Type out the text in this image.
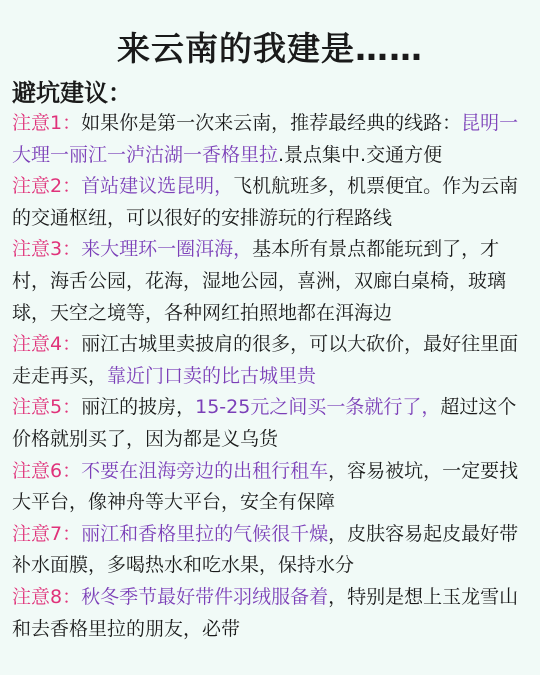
来云南的我建是……
避坑建议：

注意1：如果你是第一次来云南，推荐最经典的线路：昆明一大理一丽江一泸沽湖一香格里拉.景点集中.交通方便

注意2：首站建议选昆明，飞机航班多，机票便宜。作为云南的交通枢纽，可以很好的安排游玩的行程路线

注意3：来大理环一圈洱海，基本所有景点都能玩到了，才村，海舌公园，花海，湿地公园，喜洲，双廊白桌椅，玻璃球，天空之境等，各种网红拍照地都在洱海边

注意4：丽江古城里卖披肩的很多，可以大砍价，最好往里面走走再买，靠近门口卖的比古城里贵

注意5：丽江的披房，15-25元之间买一条就行了，超过这个价格就别买了，因为都是义乌货

注意6：不要在沮海旁边的出租行租车，容易被坑，一定要找大平台，像神舟等大平台，安全有保障

注意7：丽江和香格里拉的气候很千燥，皮肤容易起皮最好带补水面膜，多喝热水和吃水果，保持水分

注意8：秋冬季节最好带件羽绒服备着，特别是想上玉龙雪山和去香格里拉的朋友，必带
